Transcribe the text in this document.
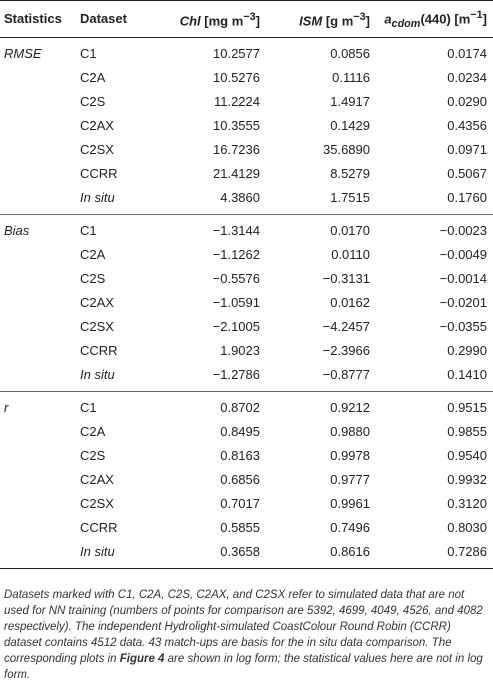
Statistics	Dataset	Chl [mg $m^{-3}$]	ISM [g $m^{-3}$]	$a_{cdom}(440)$ $[m^{-1}]$
RMSE	C1	10.2577	0.0856	0.0174
	C2A	10.5276	0.1116	0.0234
	C2S	11.2224	1.4917	0.0290
	C2AX	10.3555	0.1429	0.4356
	C2SX	16.7236	35.6890	0.0971
	CCRR	21.4129	8.5279	0.5067
	In situ	4.3860	1.7515	0.1760
Bias	C1	−1.3144	0.0170	−0.0023
	C2A	−1.1262	0.0110	−0.0049
	C2S	−0.5576	−0.3131	−0.0014
	C2AX	−1.0591	0.0162	−0.0201
	C2SX	−2.1005	−4.2457	−0.0355
	CCRR	1.9023	−2.3966	0.2990
	In situ	−1.2786	−0.8777	0.1410
r	C1	0.8702	0.9212	0.9515
	C2A	0.8495	0.9880	0.9855
	C2S	0.8163	0.9978	0.9540
	C2AX	0.6856	0.9777	0.9932
	C2SX	0.7017	0.9961	0.3120
	CCRR	0.5855	0.7496	0.8030
	In situ	0.3658	0.8616	0.7286

Datasets marked with C1, C2A, C2S, C2AX, and C2SX refer to simulated data that are not used for NN training (numbers of points for comparison are 5392, 4699, 4049, 4526, and 4082 respectively). The independent Hydrolight-simulated CoastColour Round Robin (CCRR) dataset contains 4512 data. 43 match-ups are basis for the in situ data comparison. The corresponding plots in Figure 4 are shown in log form; the statistical values here are not in log form.
